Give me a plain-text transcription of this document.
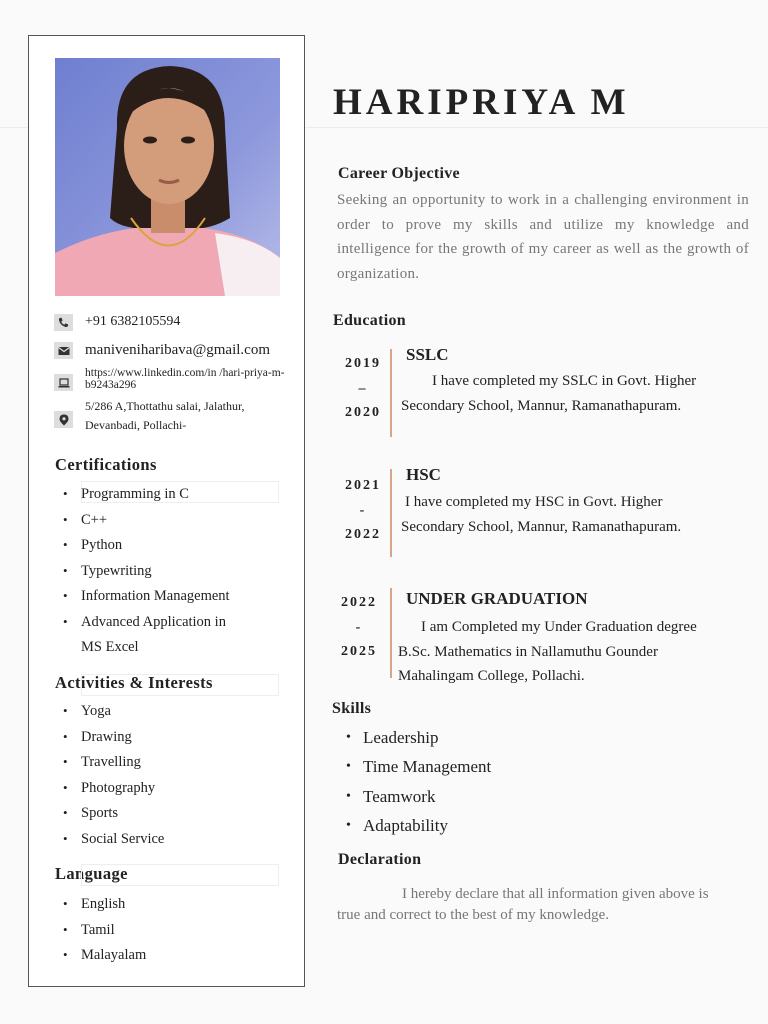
+91 6382105594
maniveniharibava@gmail.com
https://www.linkedin.com/in /hari-priya-m-b9243a296
5/286 A,Thottathu salai, Jalathur,
Devanbadi, Pollachi-
Certifications
• Programming in C
• C++
• Python
• Typewriting
• Information Management
• Advanced Application in
MS Excel
Activities & Interests
• Yoga
• Drawing
• Travelling
• Photography
• Sports
• Social Service
Language
• English
• Tamil
• Malayalam
HARIPRIYA M
Career Objective
Seeking an opportunity to work in a challenging environment in order to prove my skills and utilize my knowledge and intelligence for the growth of my career as well as the growth of organization.
Education
2019
–
2020
SSLC
I have completed my SSLC in Govt. Higher
Secondary School, Mannur, Ramanathapuram.
2021
-
2022
HSC
I have completed my HSC in Govt. Higher
Secondary School, Mannur, Ramanathapuram.
2022
-
2025
UNDER GRADUATION
I am Completed my Under Graduation degree
B.Sc. Mathematics in Nallamuthu Gounder
Mahalingam College, Pollachi.
Skills
• Leadership
• Time Management
• Teamwork
• Adaptability
Declaration
I hereby declare that all information given above is
true and correct to the best of my knowledge.
